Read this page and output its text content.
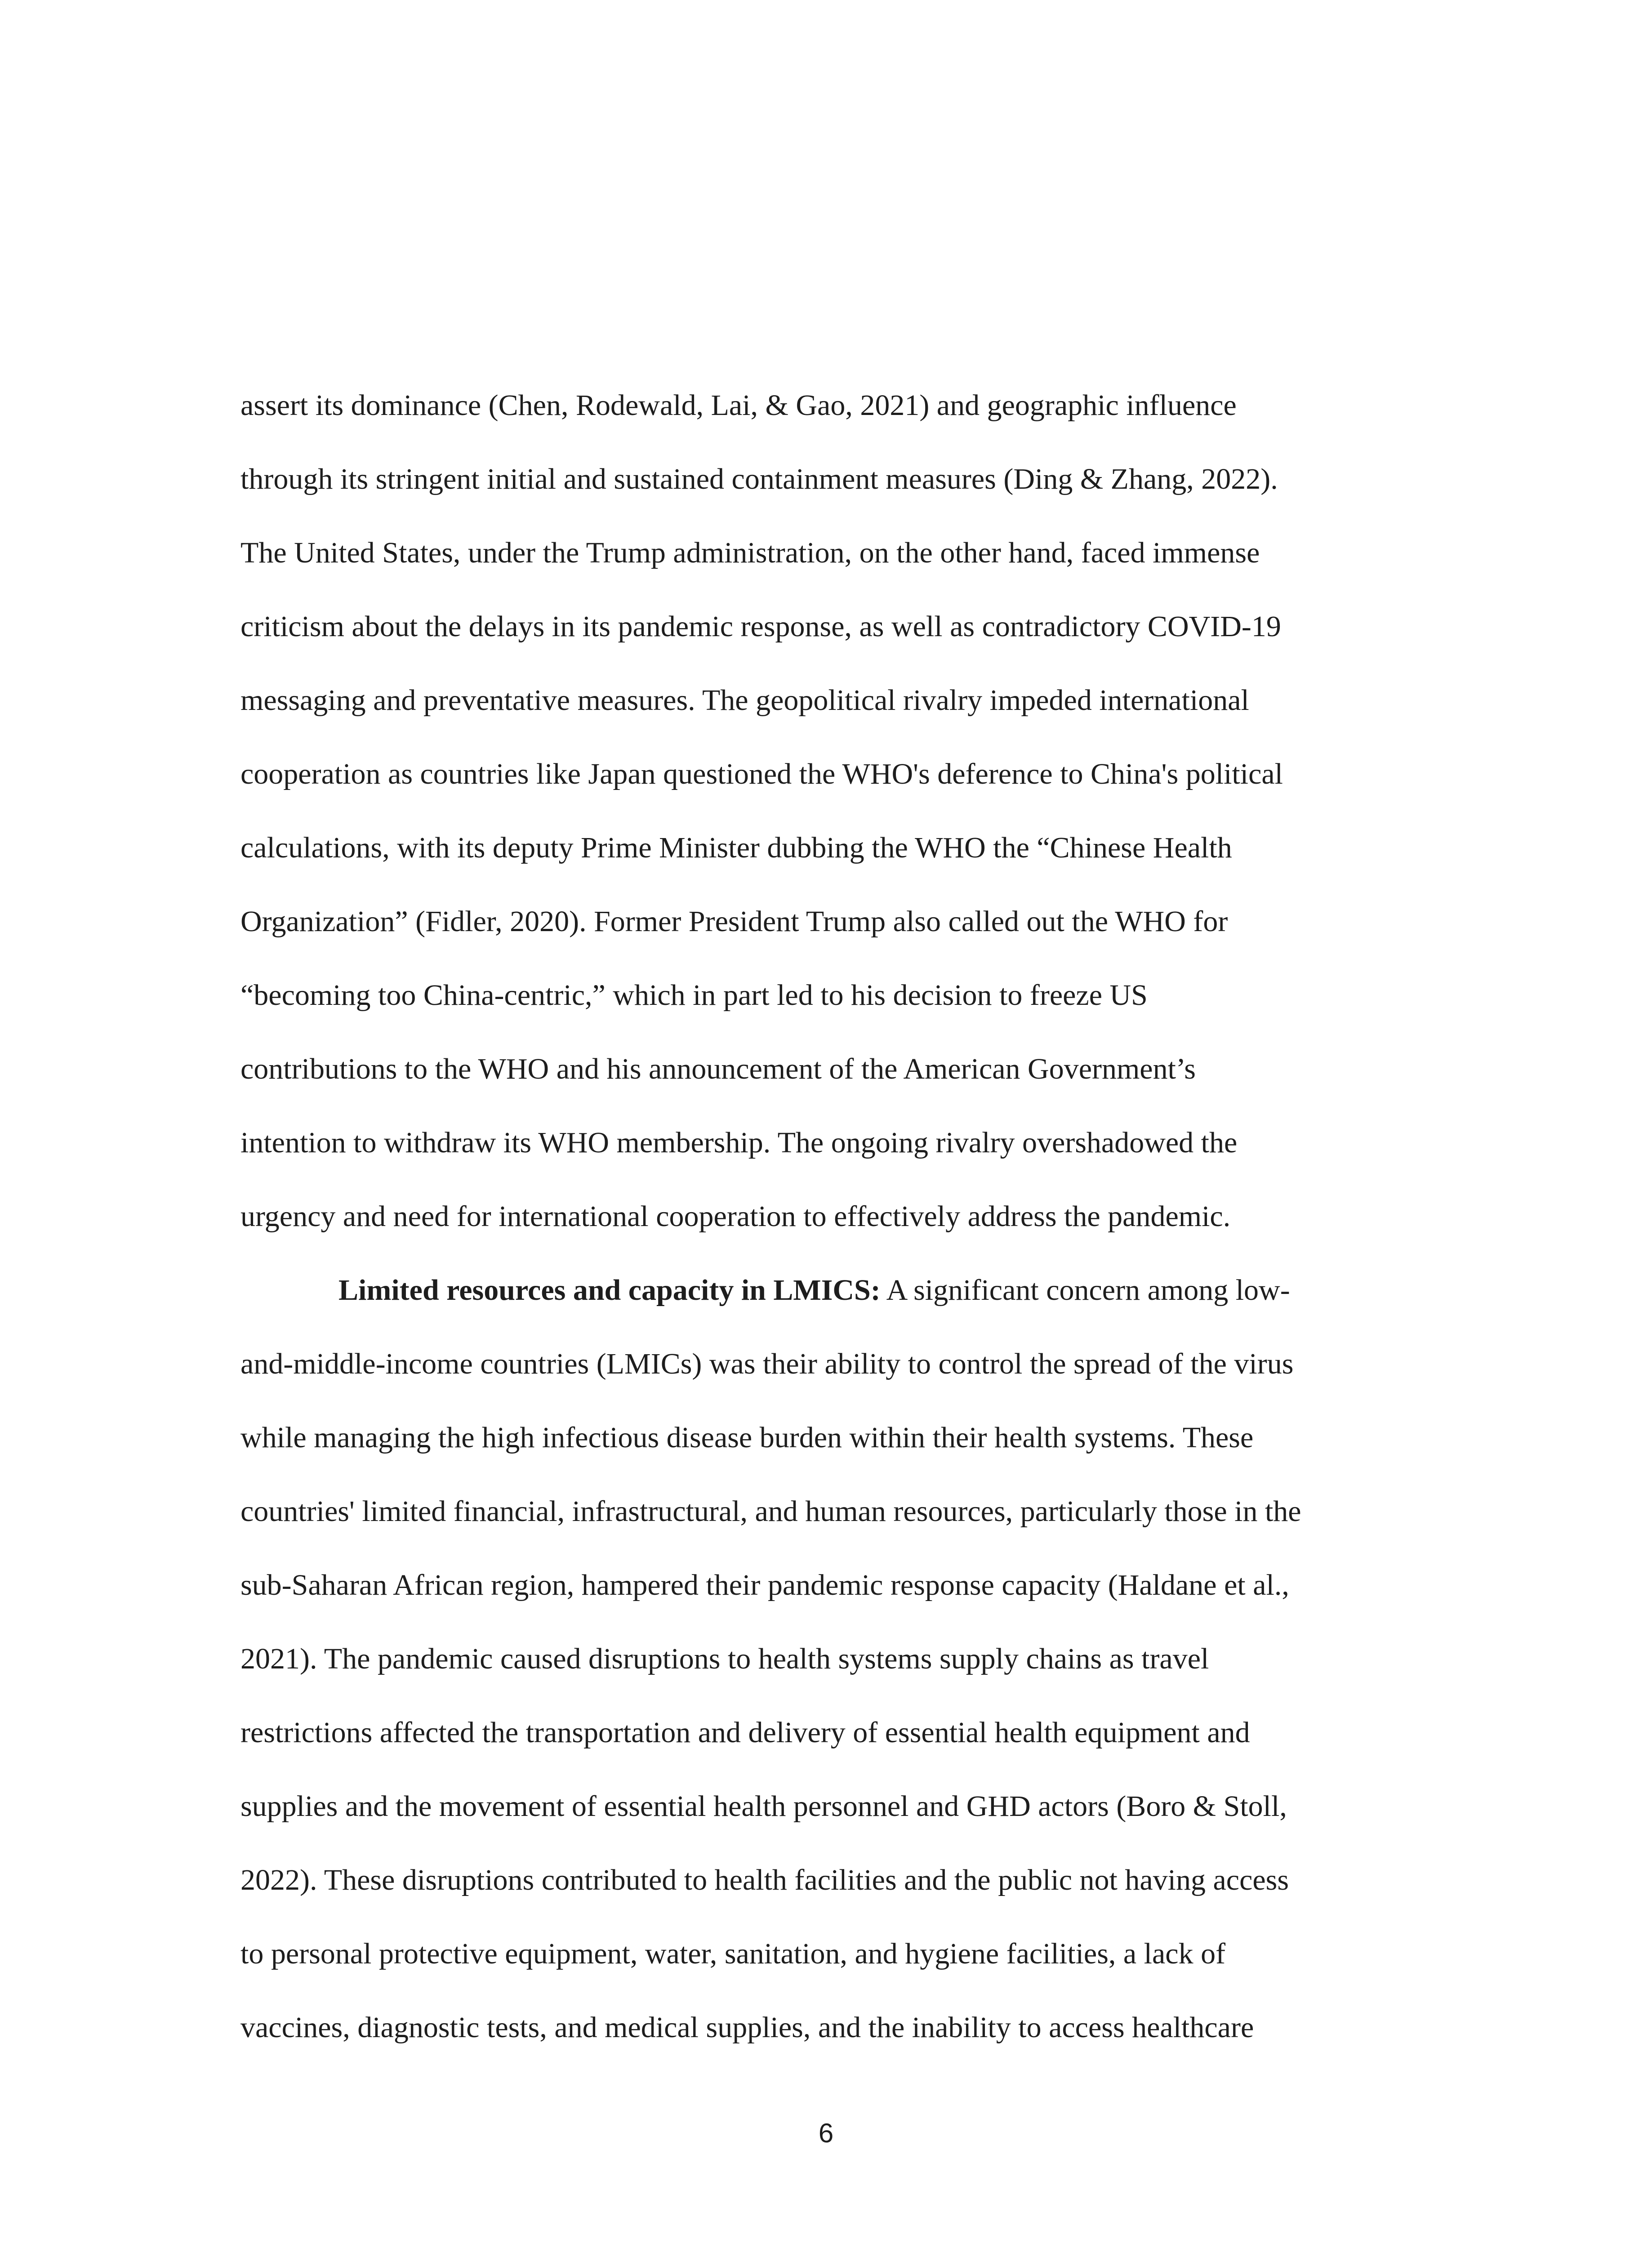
assert its dominance (Chen, Rodewald, Lai, & Gao, 2021) and geographic influence
through its stringent initial and sustained containment measures (Ding & Zhang, 2022).
The United States, under the Trump administration, on the other hand, faced immense
criticism about the delays in its pandemic response, as well as contradictory COVID-19
messaging and preventative measures. The geopolitical rivalry impeded international
cooperation as countries like Japan questioned the WHO's deference to China's political
calculations, with its deputy Prime Minister dubbing the WHO the “Chinese Health
Organization” (Fidler, 2020). Former President Trump also called out the WHO for
“becoming too China-centric,” which in part led to his decision to freeze US
contributions to the WHO and his announcement of the American Government’s
intention to withdraw its WHO membership. The ongoing rivalry overshadowed the
urgency and need for international cooperation to effectively address the pandemic.
Limited resources and capacity in LMICS: A significant concern among low-
and-middle-income countries (LMICs) was their ability to control the spread of the virus
while managing the high infectious disease burden within their health systems. These
countries' limited financial, infrastructural, and human resources, particularly those in the
sub-Saharan African region, hampered their pandemic response capacity (Haldane et al.,
2021). The pandemic caused disruptions to health systems supply chains as travel
restrictions affected the transportation and delivery of essential health equipment and
supplies and the movement of essential health personnel and GHD actors (Boro & Stoll,
2022). These disruptions contributed to health facilities and the public not having access
to personal protective equipment, water, sanitation, and hygiene facilities, a lack of
vaccines, diagnostic tests, and medical supplies, and the inability to access healthcare
6
